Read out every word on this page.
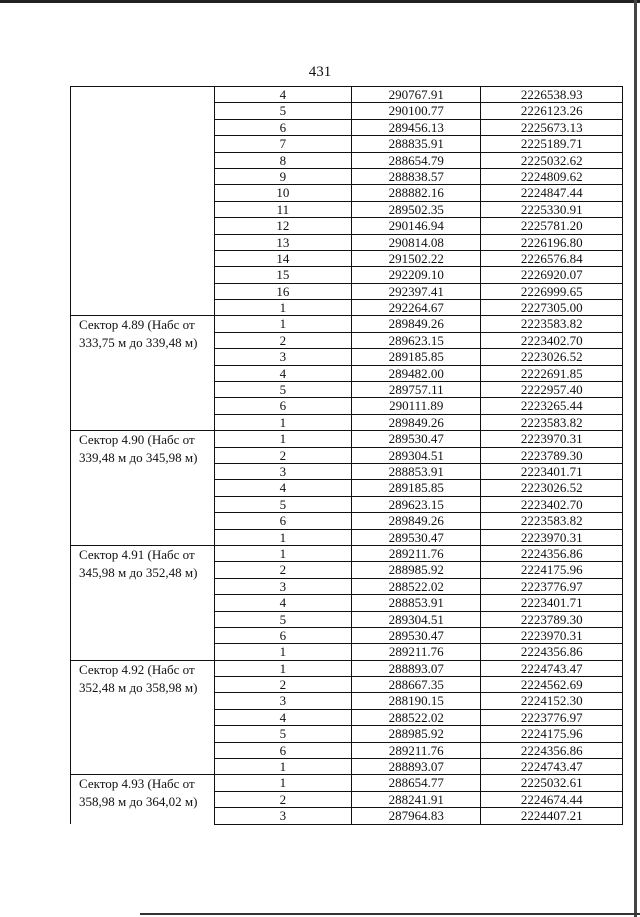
431
	4	290767.91	2226538.93
	5	290100.77	2226123.26
	6	289456.13	2225673.13
	7	288835.91	2225189.71
	8	288654.79	2225032.62
	9	288838.57	2224809.62
	10	288882.16	2224847.44
	11	289502.35	2225330.91
	12	290146.94	2225781.20
	13	290814.08	2226196.80
	14	291502.22	2226576.84
	15	292209.10	2226920.07
	16	292397.41	2226999.65
	1	292264.67	2227305.00
Сектор 4.89 (Набс от 333,75 м до 339,48 м)	1	289849.26	2223583.82
	2	289623.15	2223402.70
	3	289185.85	2223026.52
	4	289482.00	2222691.85
	5	289757.11	2222957.40
	6	290111.89	2223265.44
	1	289849.26	2223583.82
Сектор 4.90 (Набс от 339,48 м до 345,98 м)	1	289530.47	2223970.31
	2	289304.51	2223789.30
	3	288853.91	2223401.71
	4	289185.85	2223026.52
	5	289623.15	2223402.70
	6	289849.26	2223583.82
	1	289530.47	2223970.31
Сектор 4.91 (Набс от 345,98 м до 352,48 м)	1	289211.76	2224356.86
	2	288985.92	2224175.96
	3	288522.02	2223776.97
	4	288853.91	2223401.71
	5	289304.51	2223789.30
	6	289530.47	2223970.31
	1	289211.76	2224356.86
Сектор 4.92 (Набс от 352,48 м до 358,98 м)	1	288893.07	2224743.47
	2	288667.35	2224562.69
	3	288190.15	2224152.30
	4	288522.02	2223776.97
	5	288985.92	2224175.96
	6	289211.76	2224356.86
	1	288893.07	2224743.47
Сектор 4.93 (Набс от 358,98 м до 364,02 м)	1	288654.77	2225032.61
	2	288241.91	2224674.44
	3	287964.83	2224407.21
